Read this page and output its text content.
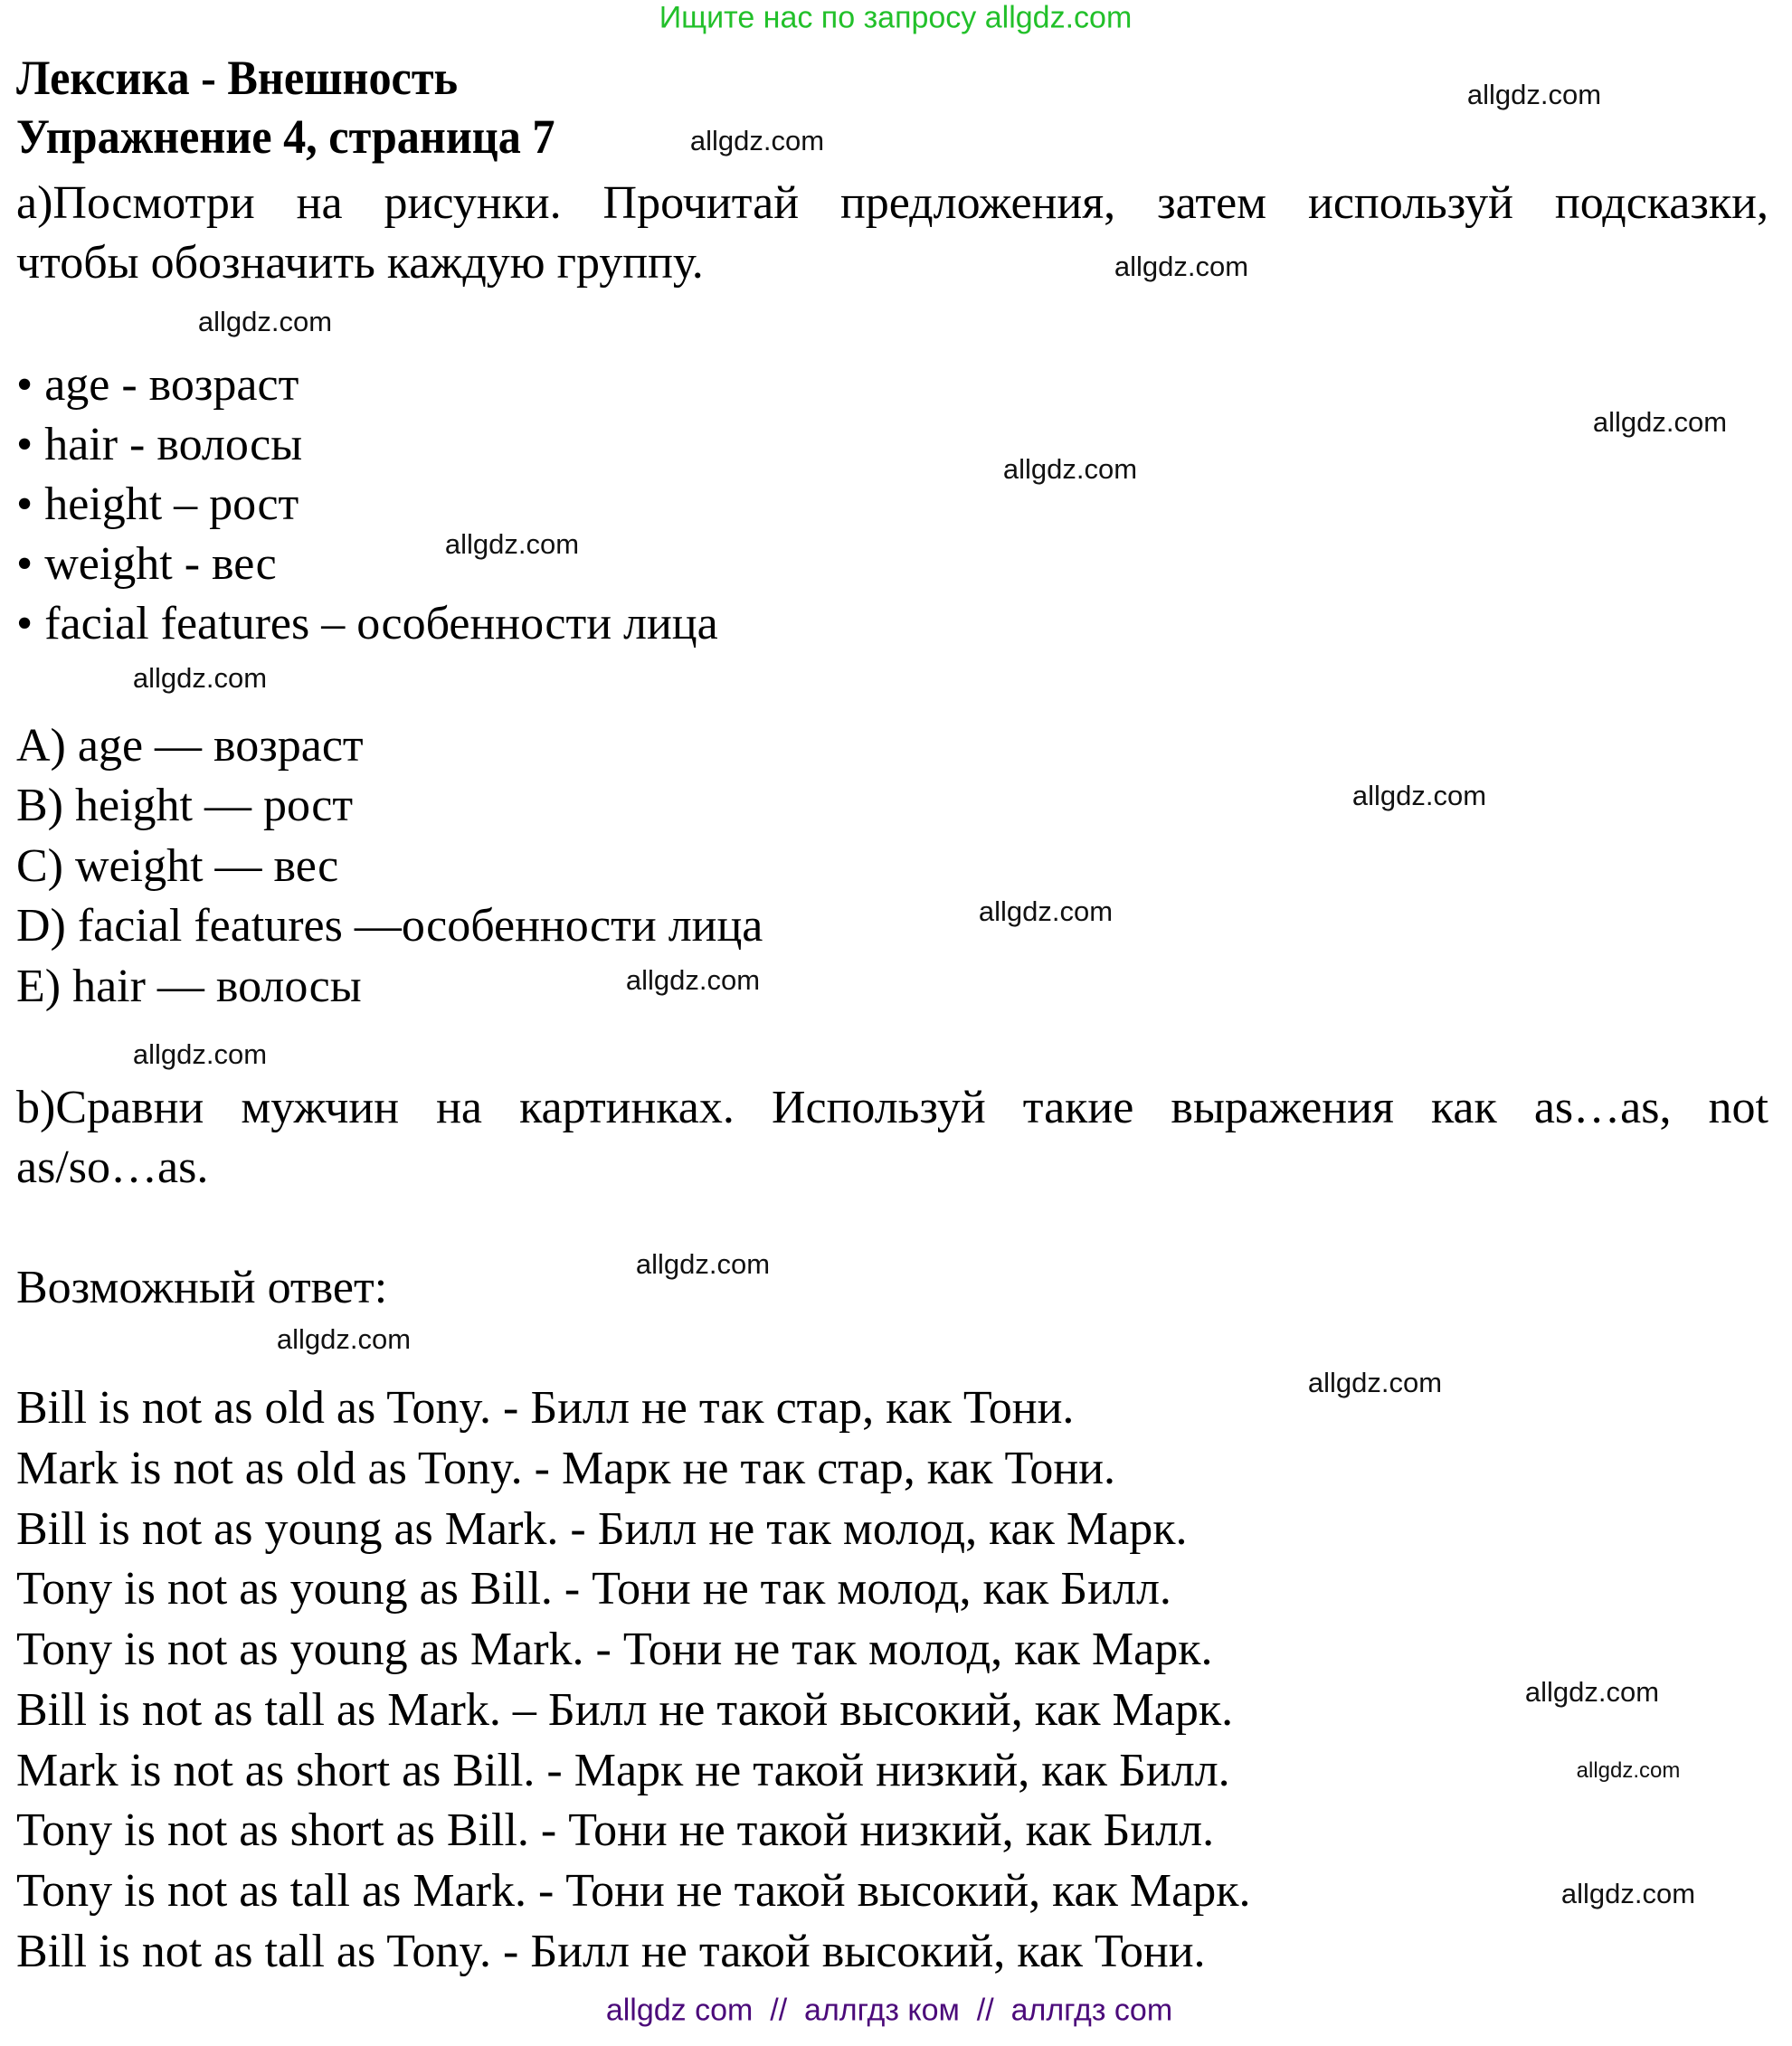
Ищите нас по запросу allgdz.com
Лексика - Внешность
Упражнение 4, страница 7
а)Посмотри на рисунки. Прочитай предложения, затем используй подсказки,
чтобы обозначить каждую группу.
• age - возраст
• hair - волосы
• height – рост
• weight - вес
• facial features – особенности лица
A) age — возраст
B) height — рост
C) weight — вес
D) facial features —особенности лица
E) hair — волосы
b)Сравни мужчин на картинках. Используй такие выражения как as…as, not
as/so…as.
Возможный ответ:
Bill is not as old as Tony. - Билл не так стар, как Тони.
Mark is not as old as Tony. - Марк не так стар, как Тони.
Bill is not as young as Mark. - Билл не так молод, как Марк.
Tony is not as young as Bill. - Тони не так молод, как Билл.
Tony is not as young as Mark. - Тони не так молод, как Марк.
Bill is not as tall as Mark. – Билл не такой высокий, как Марк.
Mark is not as short as Bill. - Марк не такой низкий, как Билл.
Tony is not as short as Bill. - Тони не такой низкий, как Билл.
Tony is not as tall as Mark. - Тони не такой высокий, как Марк.
Bill is not as tall as Tony. - Билл не такой высокий, как Тони.
allgdz.com
allgdz.com
allgdz.com
allgdz.com
allgdz.com
allgdz.com
allgdz.com
allgdz.com
allgdz.com
allgdz.com
allgdz.com
allgdz.com
allgdz.com
allgdz.com
allgdz.com
allgdz.com
allgdz.com
allgdz.com
allgdz com  //  аллгдз ком  //  аллгдз com
